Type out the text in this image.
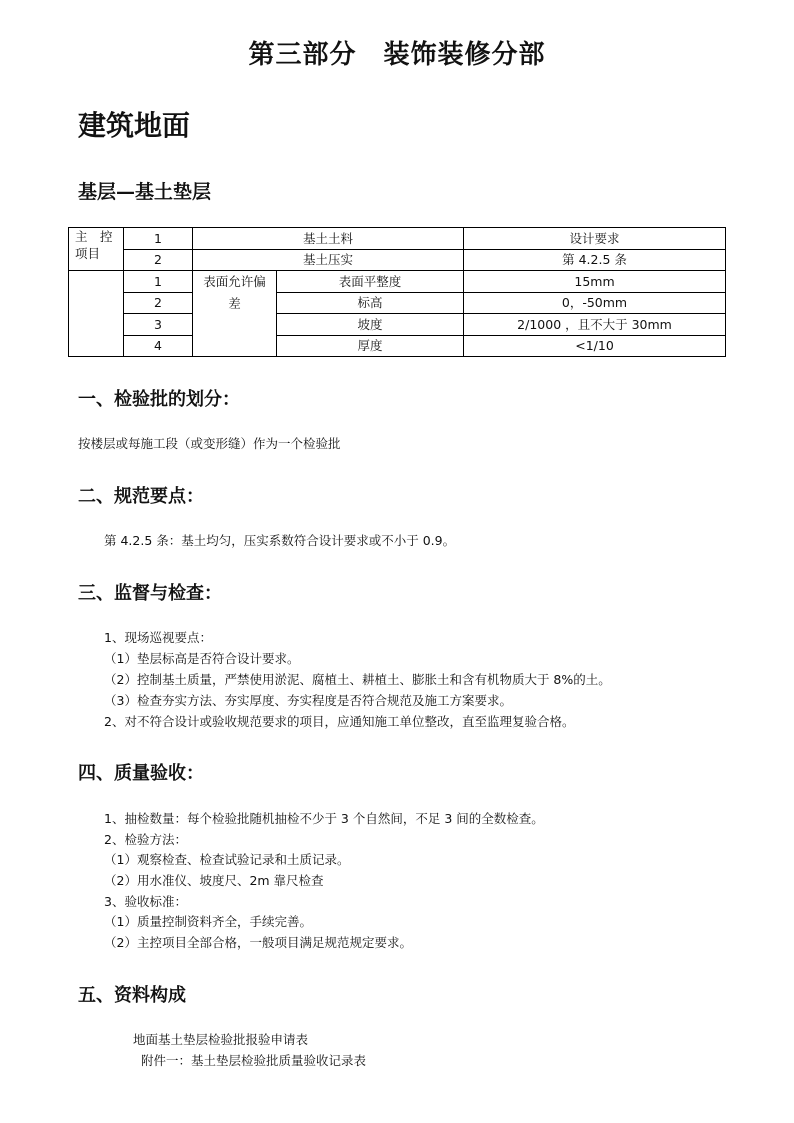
第三部分　装饰装修分部
建筑地面
基层—基土垫层
主　控
项目	1	基土土料		设计要求
	2	基土压实		第 4.2.5 条
	1	表面允许偏差	表面平整度	15mm
	2		标高	0，-50mm
	3		坡度	2/1000 ，且不大于 30mm
	4		厚度	<1/10
一、检验批的划分：
按楼层或每施工段（或变形缝）作为一个检验批
二、规范要点：
第 4.2.5 条：基土均匀，压实系数符合设计要求或不小于 0.9。
三、监督与检查：
1、现场巡视要点：
（1）垫层标高是否符合设计要求。
（2）控制基土质量，严禁使用淤泥、腐植土、耕植土、膨胀土和含有机物质大于 8%的土。
（3）检查夯实方法、夯实厚度、夯实程度是否符合规范及施工方案要求。
2、对不符合设计或验收规范要求的项目，应通知施工单位整改，直至监理复验合格。
四、质量验收：
1、抽检数量：每个检验批随机抽检不少于 3 个自然间，不足 3 间的全数检查。
2、检验方法：
（1）观察检查、检查试验记录和土质记录。
（2）用水准仪、坡度尺、2m 靠尺检查
3、验收标准：
（1）质量控制资料齐全，手续完善。
（2）主控项目全部合格，一般项目满足规范规定要求。
五、资料构成
地面基土垫层检验批报验申请表
附件一：基土垫层检验批质量验收记录表
